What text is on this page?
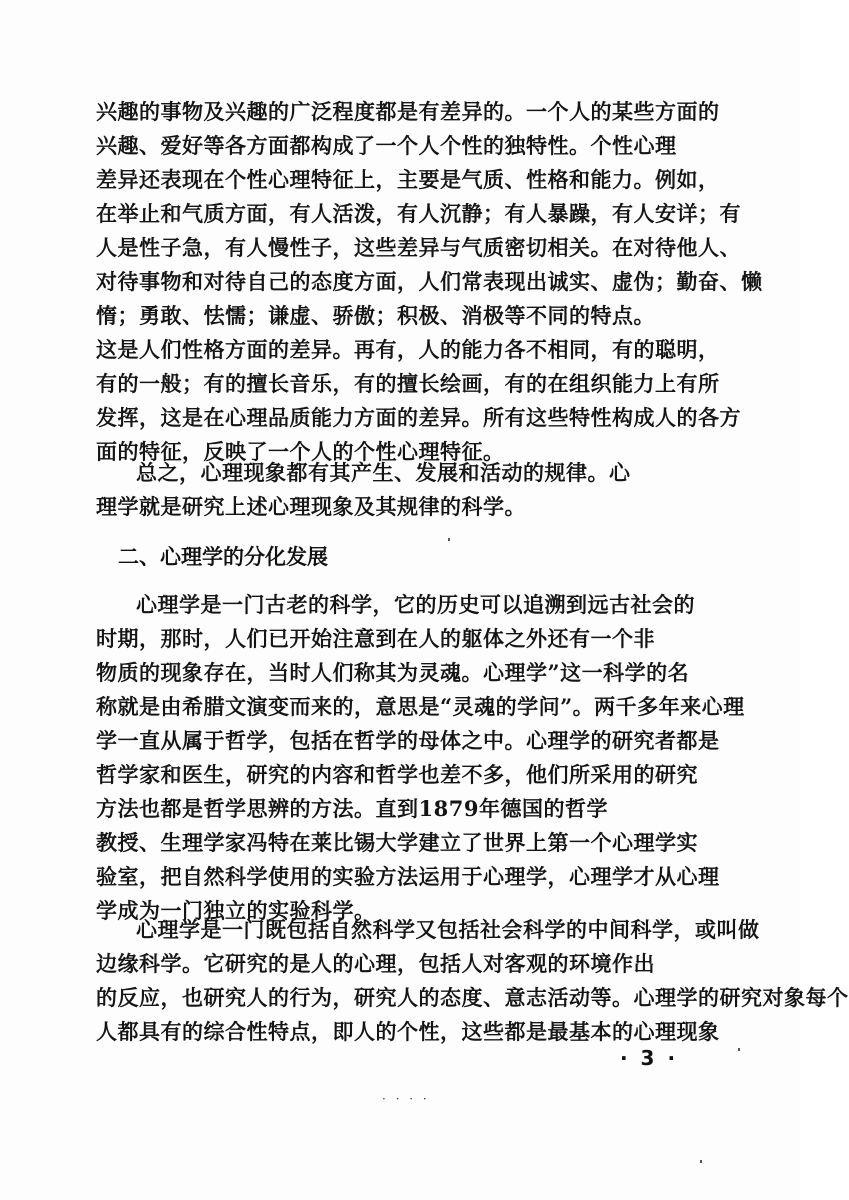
兴趣的事物及兴趣的广泛程度都是有差异的。一个人的某些方面的
兴趣、爱好等各方面都构成了一个人个性的独特性。个性心理
差异还表现在个性心理特征上，主要是气质、性格和能力。例如，
在举止和气质方面，有人活泼，有人沉静；有人暴躁，有人安详；有
人是性子急，有人慢性子，这些差异与气质密切相关。在对待他人、
对待事物和对待自己的态度方面，人们常表现出诚实、虚伪；勤奋、懒
惰；勇敢、怯懦；谦虚、骄傲；积极、消极等不同的特点。
这是人们性格方面的差异。再有，人的能力各不相同，有的聪明，
有的一般；有的擅长音乐，有的擅长绘画，有的在组织能力上有所
发挥，这是在心理品质能力方面的差异。所有这些特性构成人的各方
面的特征，反映了一个人的个性心理特征。
总之，心理现象都有其产生、发展和活动的规律。心
理学就是研究上述心理现象及其规律的科学。
二、心理学的分化发展
心理学是一门古老的科学，它的历史可以追溯到远古社会的
时期，那时，人们已开始注意到在人的躯体之外还有一个非
物质的现象存在，当时人们称其为灵魂。心理学”这一科学的名
称就是由希腊文演变而来的，意思是“灵魂的学问”。两千多年来心理
学一直从属于哲学，包括在哲学的母体之中。心理学的研究者都是
哲学家和医生，研究的内容和哲学也差不多，他们所采用的研究
方法也都是哲学思辨的方法。直到1879年德国的哲学
教授、生理学家冯特在莱比锡大学建立了世界上第一个心理学实
验室，把自然科学使用的实验方法运用于心理学，心理学才从心理
学成为一门独立的实验科学。
心理学是一门既包括自然科学又包括社会科学的中间科学，或叫做
边缘科学。它研究的是人的心理，包括人对客观的环境作出
的反应，也研究人的行为，研究人的态度、意志活动等。心理学的研究对象每个
人都具有的综合性特点，即人的个性，这些都是最基本的心理现象
· 3 ·
· · · ·
